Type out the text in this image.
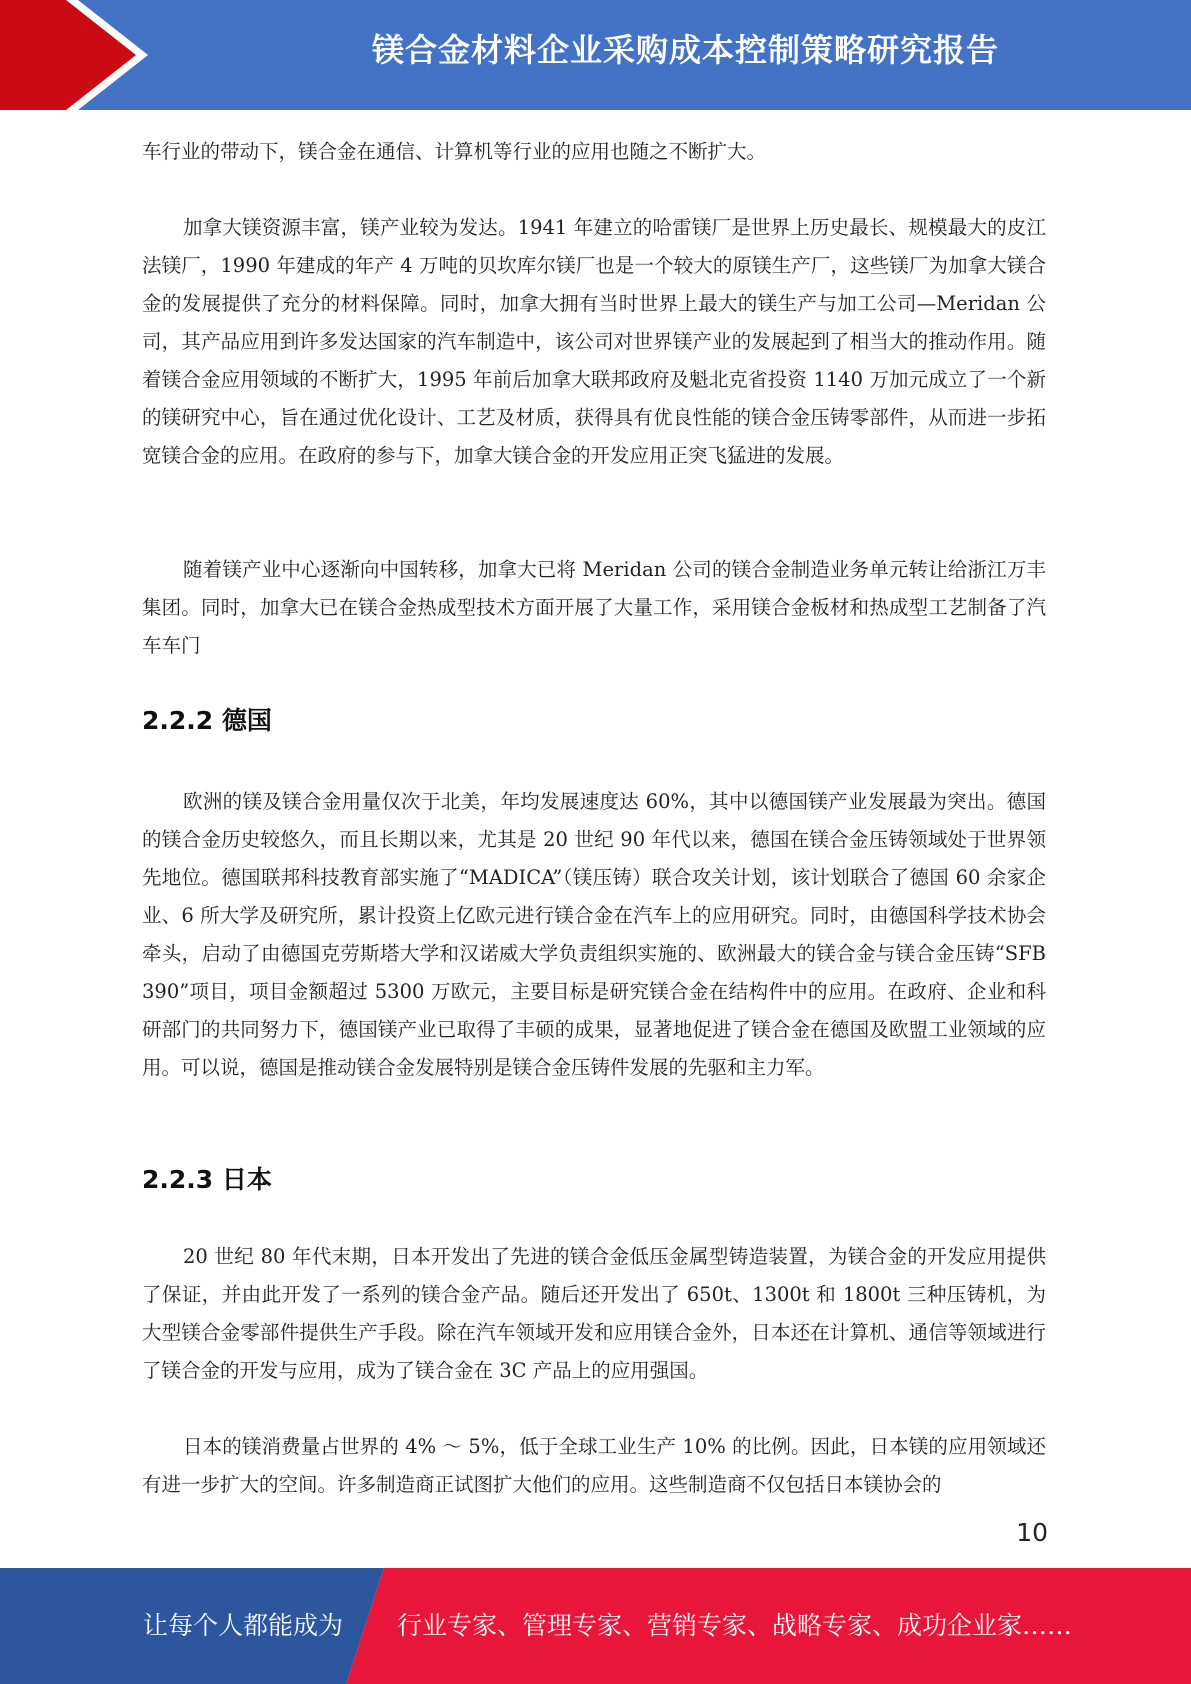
镁合金材料企业采购成本控制策略研究报告

车行业的带动下，镁合金在通信、计算机等行业的应用也随之不断扩大。

加拿大镁资源丰富，镁产业较为发达。1941 年建立的哈雷镁厂是世界上历史最长、规模最大的皮江法镁厂，1990 年建成的年产 4 万吨的贝坎库尔镁厂也是一个较大的原镁生产厂，这些镁厂为加拿大镁合金的发展提供了充分的材料保障。同时，加拿大拥有当时世界上最大的镁生产与加工公司—Meridan 公司，其产品应用到许多发达国家的汽车制造中，该公司对世界镁产业的发展起到了相当大的推动作用。随着镁合金应用领域的不断扩大，1995 年前后加拿大联邦政府及魁北克省投资 1140 万加元成立了一个新的镁研究中心，旨在通过优化设计、工艺及材质，获得具有优良性能的镁合金压铸零部件，从而进一步拓宽镁合金的应用。在政府的参与下，加拿大镁合金的开发应用正突飞猛进的发展。

随着镁产业中心逐渐向中国转移，加拿大已将 Meridan 公司的镁合金制造业务单元转让给浙江万丰集团。同时，加拿大已在镁合金热成型技术方面开展了大量工作，采用镁合金板材和热成型工艺制备了汽车车门

2.2.2 德国

欧洲的镁及镁合金用量仅次于北美，年均发展速度达 60%，其中以德国镁产业发展最为突出。德国的镁合金历史较悠久，而且长期以来，尤其是 20 世纪 90 年代以来，德国在镁合金压铸领域处于世界领先地位。德国联邦科技教育部实施了“MADICA”（镁压铸）联合攻关计划，该计划联合了德国 60 余家企业、6 所大学及研究所，累计投资上亿欧元进行镁合金在汽车上的应用研究。同时，由德国科学技术协会牵头，启动了由德国克劳斯塔大学和汉诺威大学负责组织实施的、欧洲最大的镁合金与镁合金压铸“SFB 390”项目，项目金额超过 5300 万欧元，主要目标是研究镁合金在结构件中的应用。在政府、企业和科研部门的共同努力下，德国镁产业已取得了丰硕的成果，显著地促进了镁合金在德国及欧盟工业领域的应用。可以说，德国是推动镁合金发展特别是镁合金压铸件发展的先驱和主力军。

2.2.3 日本

20 世纪 80 年代末期，日本开发出了先进的镁合金低压金属型铸造装置，为镁合金的开发应用提供了保证，并由此开发了一系列的镁合金产品。随后还开发出了 650t、1300t 和 1800t 三种压铸机，为大型镁合金零部件提供生产手段。除在汽车领域开发和应用镁合金外，日本还在计算机、通信等领域进行了镁合金的开发与应用，成为了镁合金在 3C 产品上的应用强国。

日本的镁消费量占世界的 4% ～ 5%，低于全球工业生产 10% 的比例。因此，日本镁的应用领域还有进一步扩大的空间。许多制造商正试图扩大他们的应用。这些制造商不仅包括日本镁协会的

10
让每个人都能成为 行业专家、管理专家、营销专家、战略专家、成功企业家……
